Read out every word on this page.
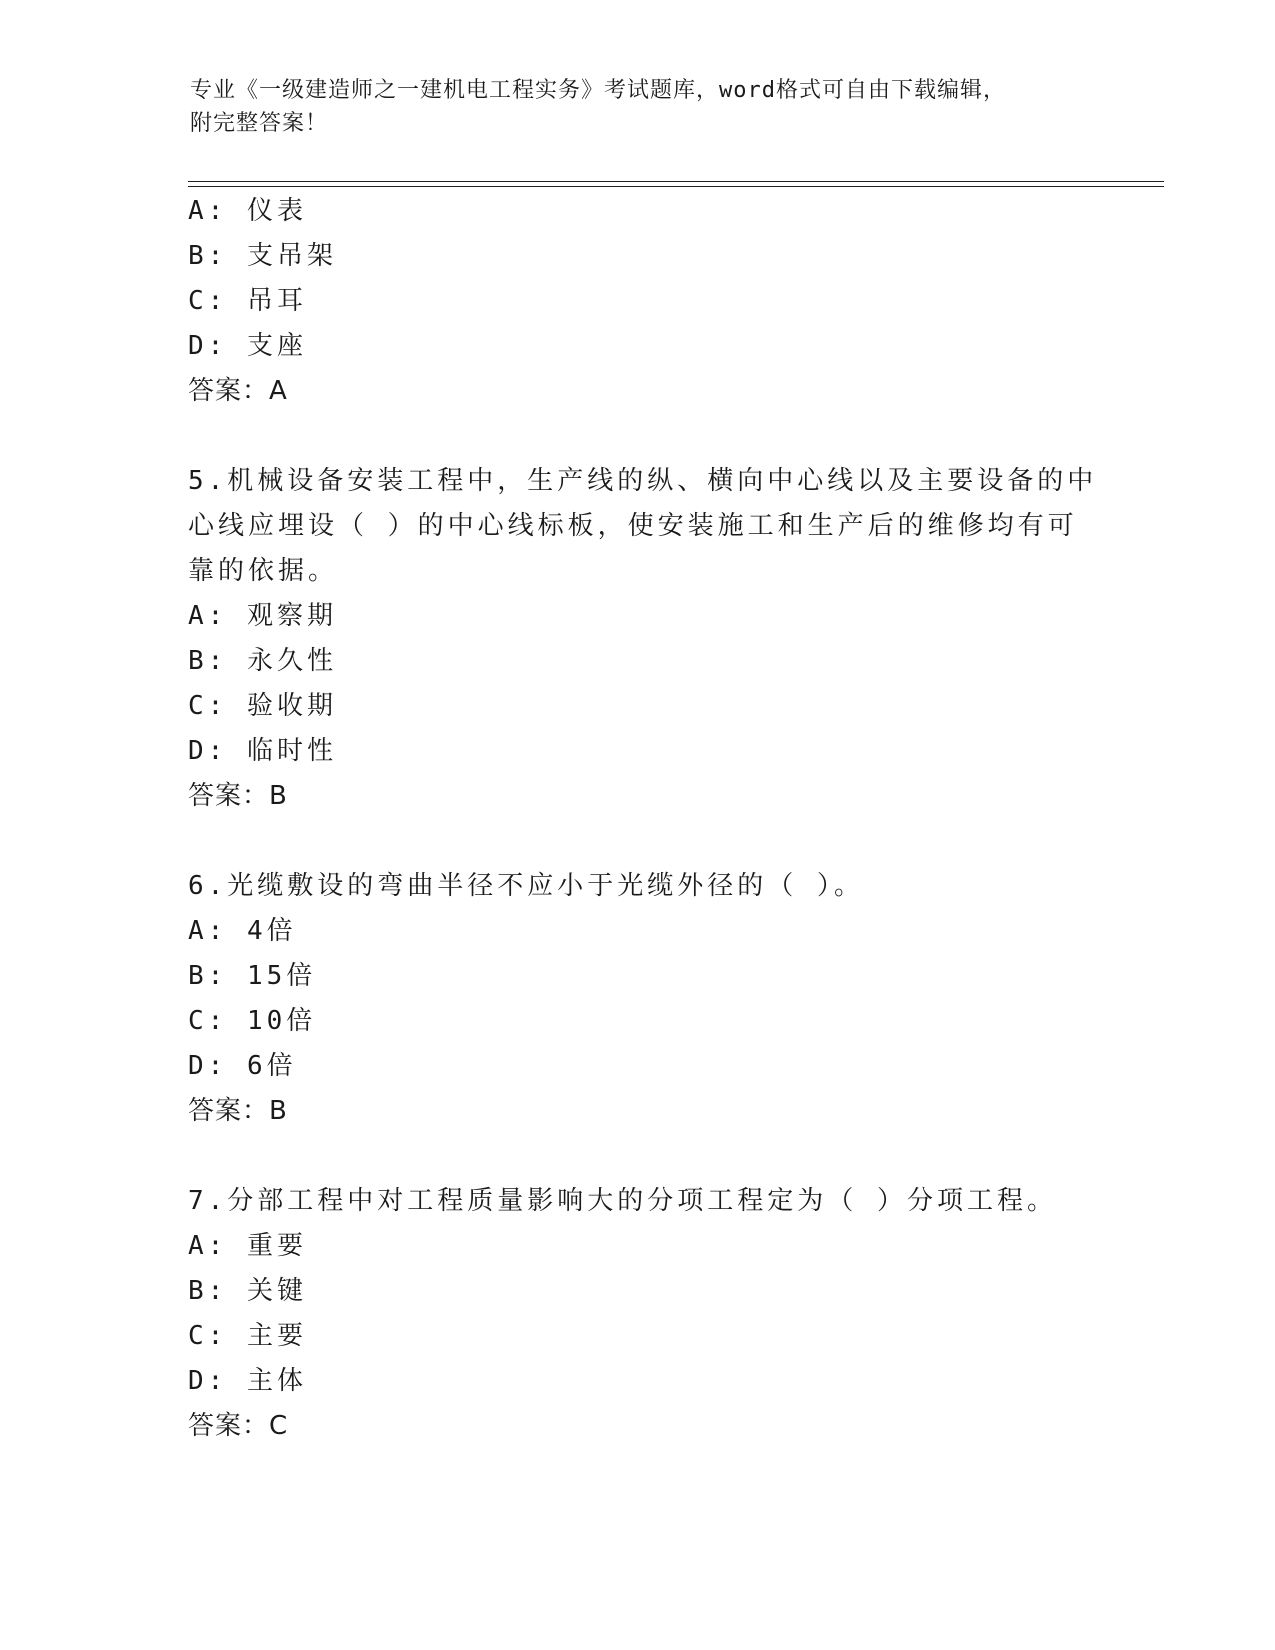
专业《一级建造师之一建机电工程实务》考试题库，word格式可自由下载编辑，
附完整答案！
A: 仪表
B: 支吊架
C: 吊耳
D: 支座
答案：A
5.机械设备安装工程中，生产线的纵、横向中心线以及主要设备的中
心线应埋设（ ）的中心线标板，使安装施工和生产后的维修均有可
靠的依据。
A: 观察期
B: 永久性
C: 验收期
D: 临时性
答案：B
6.光缆敷设的弯曲半径不应小于光缆外径的（ ）。
A: 4倍
B: 15倍
C: 10倍
D: 6倍
答案：B
7.分部工程中对工程质量影响大的分项工程定为（ ）分项工程。
A: 重要
B: 关键
C: 主要
D: 主体
答案：C
